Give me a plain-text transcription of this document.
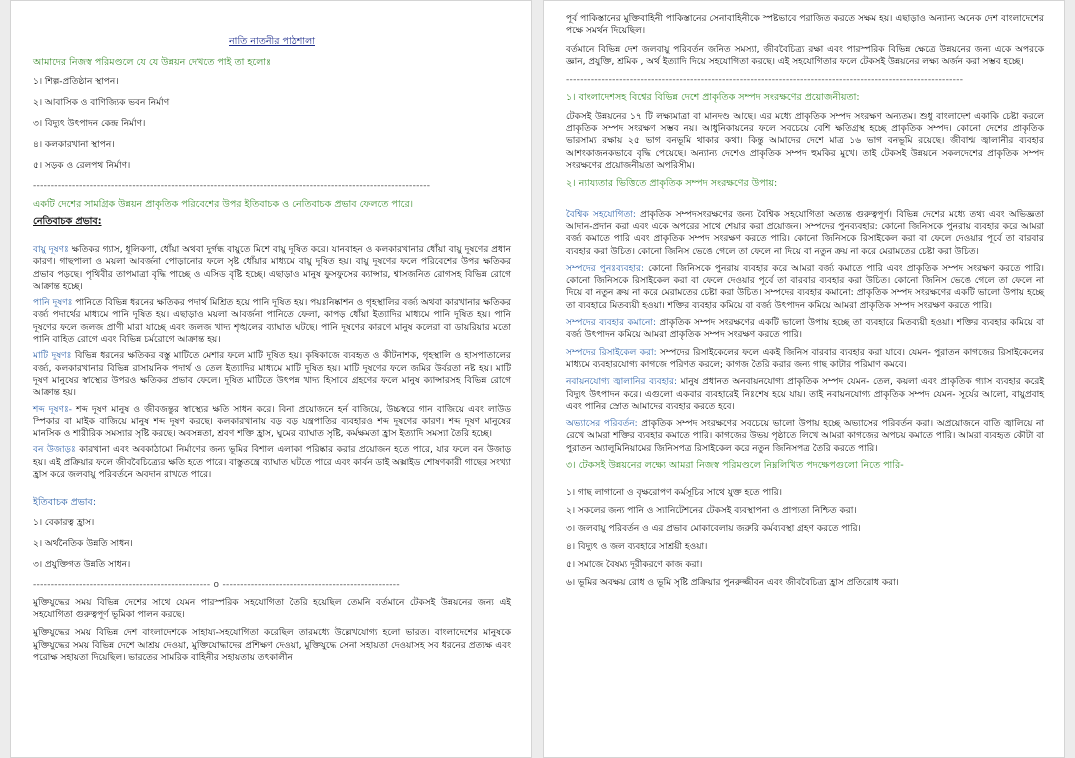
নাতি নাতনীর পাঠশালা

আমাদের নিজস্ব পরিমণ্ডলে যে যে উন্নয়ন দেখতে পাই তা হলোঃ

১। শিল্প-প্রতিষ্ঠান স্থাপন।

২। আবাসিক ও বাণিজ্যিক ভবন নির্মাণ

৩। বিদ্যুৎ উৎপাদন কেন্দ্র নির্মাণ।

৪। কলকারখানা স্থাপন।

৫। সড়ক ও রেলপথ নির্মাণ।

----------------------------------------------------------------------------------------------------------------

একটি দেশের সামগ্রিক উন্নয়ন প্রাকৃতিক পরিবেশের উপর ইতিবাচক ও নেতিবাচক প্রভাব ফেলতে পারে।

নেতিবাচক প্রভাব:

বায়ু দূষণঃ ক্ষতিকর গ্যাস, ধূলিকণা, ধোঁয়া অথবা দুর্গন্ধ বায়ুতে মিশে বায়ু দূষিত করে। যানবাহন ও কলকারখানার ধোঁয়া বায়ু দূষণের প্রধান কারণ। গাছপালা ও ময়লা আবর্জনা পোড়ানোর ফলে সৃষ্ট ধোঁয়ার মাধ্যমে বায়ু দূষিত হয়। বায়ু দূষণের ফলে পরিবেশের উপর ক্ষতিকর প্রভাব পড়ছে। পৃথিবীর তাপমাত্রা বৃদ্ধি পাচ্ছে ও এসিড বৃষ্টি হচ্ছে। এছাড়াও মানুষ ফুসফুসের ক্যান্সার, শ্বাসজনিত রোগসহ বিভিন্ন রোগে আক্রান্ত হচ্ছে।

পানি দূষণঃ পানিতে বিভিন্ন ধরনের ক্ষতিকর পদার্থ মিশ্রিত হয়ে পানি দূষিত হয়। পয়ঃনিষ্কাশন ও গৃহস্থালির বর্জ্য অথবা কারখানার ক্ষতিকর বর্জ্য পদার্থের মাধ্যমে পানি দূষিত হয়। এছাড়াও ময়লা আবর্জনা পানিতে ফেলা, কাপড় ধোঁয়া ইত্যাদির মাধ্যমে পানি দূষিত হয়। পানি দূষণের ফলে জলজ প্রাণী মারা যাচ্ছে এবং জলজ খাদ্য শৃঙ্খলের ব্যাঘাত ঘটছে। পানি দূষণের কারণে মানুষ কলেরা বা ডায়রিয়ার মতো পানি বাহিত রোগে এবং বিভিন্ন চর্মরোগে আক্রান্ত হয়।

মাটি দূষণঃ বিভিন্ন ধরনের ক্ষতিকর বস্তু মাটিতে মেশার ফলে মাটি দূষিত হয়। কৃষিকাজে ব্যবহৃত ও কীটনাশক, গৃহস্থালি ও হাসপাতালের বর্জ্য, কলকারখানার বিভিন্ন রাসায়নিক পদার্থ ও তেল ইত্যাদির মাধ্যমে মাটি দূষিত হয়। মাটি দূষণের ফলে জমির উর্বরতা নষ্ট হয়। মাটি দূষণ মানুষের স্বাস্থ্যের উপরও ক্ষতিকর প্রভাব ফেলে। দূষিত মাটিতে উৎপন্ন খাদ্য হিসাবে গ্রহণের ফলে মানুষ ক্যান্সারসহ বিভিন্ন রোগে আক্রান্ত হয়।

শব্দ দূষণঃ- শব্দ দূষণ মানুষ ও জীবজন্তুর স্বাস্থ্যের ক্ষতি সাধন করে। বিনা প্রয়োজনে হর্ন বাজিয়ে, উচ্চস্বরে গান বাজিয়ে এবং লাউড স্পিকার বা মাইক বাজিয়ে মানুষ শব্দ দূষণ করছে। কলকারখানায় বড় বড় যন্ত্রপাতির ব্যবহারও শব্দ দূষণের কারণ। শব্দ দূষণ মানুষের মানসিক ও শারীরিক সমস্যার সৃষ্টি করছে। অবসন্নতা, শ্রবণ শক্তি হ্রাস, ঘুমের ব্যাঘাত সৃষ্টি, কর্মক্ষমতা হ্রাস ইত্যাদি সমস্যা তৈরি হচ্ছে।

বন উজাড়ঃ কারখানা এবং অবকাঠামো নির্মাণের জন্য ভূমির বিশাল এলাকা পরিষ্কার করার প্রয়োজন হতে পারে, যার ফলে বন উজাড় হয়। এই প্রক্রিয়ার ফলে জীববৈচিত্র্যের ক্ষতি হতে পারে। বাস্তুতন্ত্রে ব্যাঘাত ঘটতে পারে এবং কার্বন ডাই অক্সাইড শোষণকারী গাছের সংখ্যা হ্রাস করে জলবায়ু পরিবর্তনে অবদান রাখতে পারে।

ইতিবাচক প্রভাব:

১। বেকারত্ব হ্রাস।

২। অর্থনৈতিক উন্নতি সাধন।

৩। প্রযুক্তিগত উন্নতি সাধন।

-------------------------------------------------- o --------------------------------------------------

মুক্তিযুদ্ধের সময় বিভিন্ন দেশের সাথে যেমন পারস্পরিক সহযোগিতা তৈরি হয়েছিল তেমনি বর্তমানে টেকসই উন্নয়নের জন্য এই সহযোগিতা গুরুত্বপূর্ণ ভূমিকা পালন করছে।

মুক্তিযুদ্ধের সময় বিভিন্ন দেশ বাংলাদেশকে সাহায্য-সহযোগিতা করেছিল তারমধ্যে উল্লেখযোগ্য হলো ভারত। বাংলাদেশের মানুষকে মুক্তিযুদ্ধের সময় বিভিন্ন দেশে আশ্রয় দেওয়া, মুক্তিযোদ্ধাদের প্রশিক্ষণ দেওয়া, মুক্তিযুদ্ধে সেনা সহায়তা দেওয়াসহ সব ধরনের প্রত্যক্ষ এবং পরোক্ষ সহায়তা দিয়েছিল। ভারতের সামরিক বাহিনীর সহায়তায় তৎকালীন

পূর্ব পাকিস্তানের মুক্তিবাহিনী পাকিস্তানের সেনাবাহিনীকে স্পষ্টভাবে পরাজিত করতে সক্ষম হয়। এছাড়াও অন্যান্য অনেক দেশ বাংলাদেশের পক্ষে সমর্থন দিয়েছিল।

বর্তমানে বিভিন্ন দেশ জলবায়ু পরিবর্তন জনিত সমস্যা, জীববৈচিত্র্য রক্ষা এবং পারস্পরিক বিভিন্ন ক্ষেত্রে উন্নয়নের জন্য একে অপরকে জ্ঞান, প্রযুক্তি, শ্রমিক , অর্থ ইত্যাদি দিয়ে সহযোগিতা করছে। এই সহযোগিতার ফলে টেকসই উন্নয়নের লক্ষ্য অর্জন করা সম্ভব হচ্ছে।

----------------------------------------------------------------------------------------------------------------

১। বাংলাদেশসহ বিশ্বের বিভিন্ন দেশে প্রাকৃতিক সম্পদ সংরক্ষণের প্রয়োজনীয়তা:

টেকসই উন্নয়নের ১৭ টি লক্ষ্যমাত্রা বা মানদণ্ড আছে। এর মধ্যে প্রাকৃতিক সম্পদ সংরক্ষণ অন্যতম। শুধু বাংলাদেশ একাকি চেষ্টা করলে প্রাকৃতিক সম্পদ সংরক্ষণ সম্ভব নয়। আধুনিকায়নের ফলে সবচেয়ে বেশি ক্ষতিগ্রস্থ হচ্ছে প্রাকৃতিক সম্পদ। কোনো দেশের প্রাকৃতিক ভারসাম্য রক্ষায় ২৫ ভাগ বনভূমি থাকার কথা। কিন্তু আমাদের দেশে মাত্র ১৬ ভাগ বনভূমি রয়েছে। জীবাশ্ম জ্বালানীর ব্যবহার আশংকাজনকভাবে বৃদ্ধি পেয়েছে। অন্যান্য দেশেও প্রাকৃতিক সম্পদ হুমকির মুখে। তাই টেকসই উন্নয়নে সকলদেশের প্রাকৃতিক সম্পদ সংরক্ষণের প্রয়োজনীয়তা অপরিসীম।

২। ন্যায্যতার ভিত্তিতে প্রাকৃতিক সম্পদ সংরক্ষণের উপায়:

বৈশ্বিক সহযোগিতা: প্রাকৃতিক সম্পদসংরক্ষণের জন্য বৈশ্বিক সহযোগিতা অত্যন্ত গুরুত্বপূর্ণ। বিভিন্ন দেশের মধ্যে তথ্য এবং অভিজ্ঞতা আদান-প্রদান করা এবং একে অপরের সাথে শেয়ার করা প্রয়োজন। সম্পদের পুনব্যবহার: কোনো জিনিসকে পুনরায় ব্যবহার করে আমরা বর্জ্য কমাতে পারি এবং প্রাকৃতিক সম্পদ সংরক্ষণ করতে পারি। কোনো জিনিসকে রিসাইকেল করা বা ফেলে দেওয়ার পূর্বে তা বারবার ব্যবহার করা উচিত। কোনো জিনিস ভেঙে গেলে তা ফেলে না দিয়ে বা নতুন ক্রয় না করে মেরামতের চেষ্টা করা উচিত।

সম্পদের পুনঃব্যবহার: কোনো জিনিসকে পুনরায় ব্যবহার করে আমরা বর্জ্য কমাতে পারি এবং প্রাকৃতিক সম্পদ সংরক্ষণ করতে পারি। কোনো জিনিসকে রিসাইকেল করা বা ফেলে দেওয়ার পূর্বে তা বারবার ব্যবহার করা উচিত। কোনো জিনিস ভেঙে গেলে তা ফেলে না দিয়ে বা নতুন ক্রয় না করে মেরামতের চেষ্টা করা উচিত। সম্পদের ব্যবহার কমানো: প্রাকৃতিক সম্পদ সংরক্ষণের একটি ভালো উপায় হচ্ছে তা ব্যবহারে মিতব্যয়ী হওয়া। শক্তির ব্যবহার কমিয়ে বা বর্জ্য উৎপাদন কমিয়ে আমরা প্রাকৃতিক সম্পদ সংরক্ষণ করতে পারি।

সম্পদের ব্যবহার কমানো: প্রাকৃতিক সম্পদ সংরক্ষণের একটি ভালো উপায় হচ্ছে তা ব্যবহারে মিতব্যয়ী হওয়া। শক্তির ব্যবহার কমিয়ে বা বর্জ্য উৎপাদন কমিয়ে আমরা প্রাকৃতিক সম্পদ সংরক্ষণ করতে পারি।

সম্পদের রিসাইকেল করা: সম্পদের রিসাইকেলের ফলে একই জিনিস বারবার ব্যবহার করা যাবে। যেমন- পুরাতন কাগজের রিসাইকেলের মাধ্যমে ব্যবহারযোগ্য কাগজে পরিণত করলে; কাগজ তৈরি করার জন্য গাছ কাটার পরিমাণ কমবে।

নবায়নযোগ্য জ্বালানির ব্যবহার: মানুষ প্রধানত অনবায়নযোগ্য প্রাকৃতিক সম্পদ যেমন- তেল, কয়লা এবং প্রাকৃতিক গ্যাস ব্যবহার করেই বিদ্যুৎ উৎপাদন করে। এগুলো একবার ব্যবহারেই নিঃশেষ হয়ে যায়। তাই নবায়নযোগ্য প্রাকৃতিক সম্পদ যেমন- সূর্যের আলো, বায়ুপ্রবাহ এবং পানির স্রোত আমাদের ব্যবহার করতে হবে।

অভ্যাসের পরিবর্তন: প্রাকৃতিক সম্পদ সংরক্ষণের সবচেয়ে ভালো উপায় হচ্ছে অভ্যাসের পরিবর্তন করা। অপ্রয়োজনে বাতি জ্বালিয়ে না রেখে আমরা শক্তির ব্যবহার কমাতে পারি। কাগজের উভয় পৃষ্ঠাতে লিখে আমরা কাগজের অপচয় কমাতে পারি। আমরা ব্যবহৃত কৌটা বা পুরাতন অ্যালুমিনিয়ামের জিনিসপত্র রিসাইকেল করে নতুন জিনিসপত্র তৈরি করতে পারি।

৩। টেকসই উন্নয়নের লক্ষ্যে আমরা নিজস্ব পরিমণ্ডলে নিম্নলিখিত পদক্ষেপগুলো নিতে পারি-

১। গাছ লাগানো ও বৃক্ষরোপণ কর্মসূচির সাথে যুক্ত হতে পারি।

২। সকলের জন্য পানি ও স্যানিটেশনের টেকসই ব্যবস্থাপনা ও প্রাপ্যতা নিশ্চিত করা।

৩। জলবায়ু পরিবর্তন ও এর প্রভাব মোকাবেলায় জরুরি কর্মব্যবস্থা গ্রহণ করতে পারি।

৪। বিদ্যুৎ ও জল ব্যবহারে সাশ্রয়ী হওয়া।

৫। সমাজে বৈষম্য দূরীকরণে কাজ করা।

৬। ভূমির অবক্ষয় রোধ ও ভূমি সৃষ্টি প্রক্রিয়ার পুনরুজ্জীবন এবং জীববৈচিত্র্য হ্রাস প্রতিরোধ করা।
